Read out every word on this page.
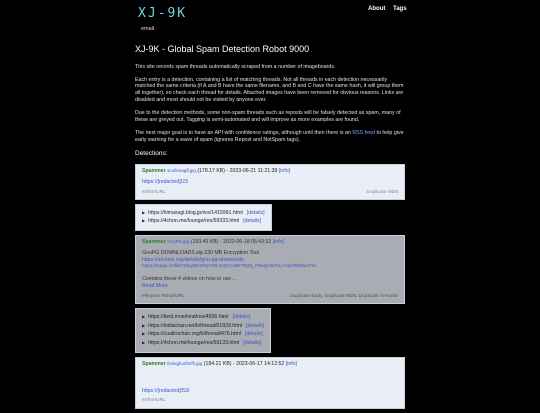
XJ-9K
email
About Tags
XJ-9K - Global Spam Detection Robot 9000

This site records spam threads automatically scraped from a number of imageboards.

Each entry is a detection, containing a list of matching threads. Not all threads in each detection necessarily matched the same criteria (if A and B have the same filename, and B and C have the same hash, it will group them all together), so check each thread for details. Attached images have been removed for obvious reasons. Links are disabled and most should not be visited by anyone ever.

Due to the detection methods, some non-spam threads such as reposts will be falsely detected as spam, many of these are greyed out. Tagging is semi-automated and will improve as more examples are found.

The next major goal is to have an API with confidence ratings, although until then there is an RSS feed to help give early warning for a wave of spam (ignores Repost and NotSpam tags).

Detections:
Spammer sco/kmagfl.jpg (178.17 KB) - 2023-06-21 11:21:39 [info]
https://[redacted]/23
#ShortURL	Duplicate MD5
▶ https://himasugi.blog.jp/res/1415991.html [details]
▶ https://4chon.me/lounge/res/59333.html [details]
Spammer GnuPG.jpg (193.45 KB) - 2023-06-18 06:43:52 [info]
GnuPG DOWNLOADS.zip 230 MB Encryption Tool
https://archive.org/details/gnu-pg-downloads
https://mega.nz/file/Odcyl5K9#4y7WL2eQ7cu8E75Q5j_R5eQm5I7ILxYdyOfB9ilcArYo
Contains these 4 videos on how to use ...
Read More
#Repost #ShortURL	Duplicate Body, Duplicate MD5, Duplicate SHA256
▶ https://kind.moe/kind/res/4936.html [details]
▶ https://indiachan.net/b/thread/61929.html [details]
▶ https://cuailrochan.org/b/thread/476.html [details]
▶ https://4chon.me/lounge/res/59133.html [details]
Spammer tholxgfuolfmfh.jpg (184.21 KB) - 2023-06-17 14:12:52 [info]
https://[redacted]/53/
#ShortURL
